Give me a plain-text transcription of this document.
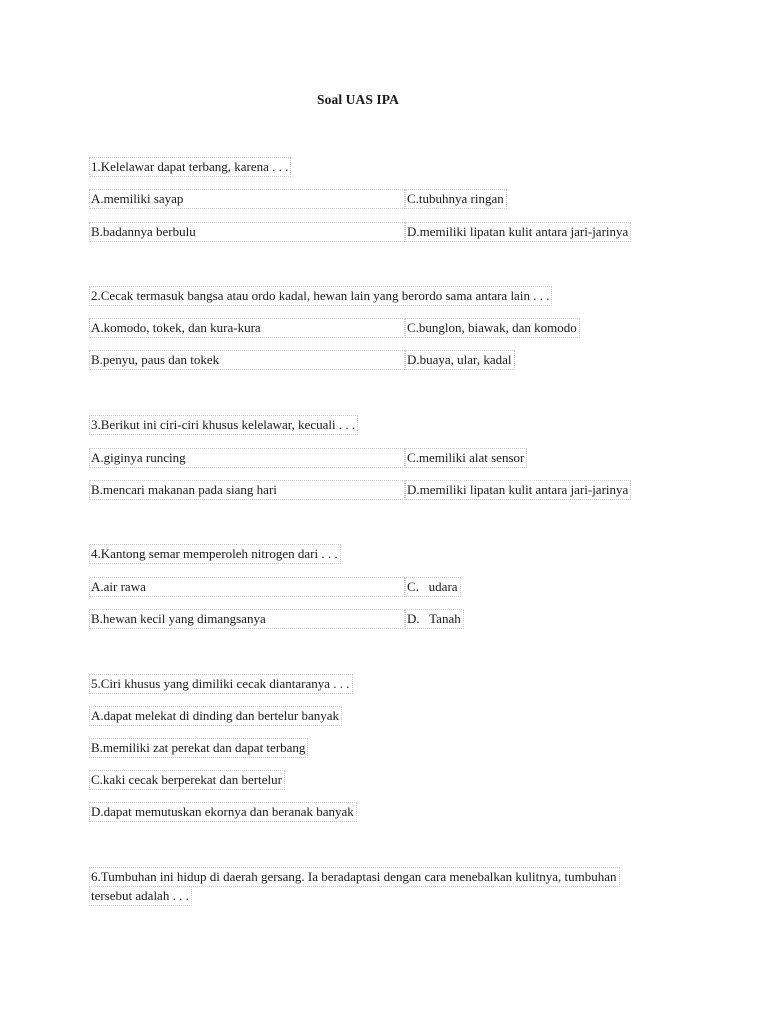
Soal UAS IPA
1.Kelelawar dapat terbang, karena . . .
A.memiliki sayap	C.tubuhnya ringan
B.badannya berbulu	D.memiliki lipatan kulit antara jari-jarinya
2.Cecak termasuk bangsa atau ordo kadal, hewan lain yang berordo sama antara lain . . .
A.komodo, tokek, dan kura-kura	C.bunglon, biawak, dan komodo
B.penyu, paus dan tokek	D.buaya, ular, kadal
3.Berikut ini ciri-ciri khusus kelelawar, kecuali . . .
A.giginya runcing	C.memiliki alat sensor
B.mencari makanan pada siang hari	D.memiliki lipatan kulit antara jari-jarinya
4.Kantong semar memperoleh nitrogen dari . . .
A.air rawa	C.   udara
B.hewan kecil yang dimangsanya	D.   Tanah
5.Ciri khusus yang dimiliki cecak diantaranya . . .
A.dapat melekat di dinding dan bertelur banyak
B.memiliki zat perekat dan dapat terbang
C.kaki cecak berperekat dan bertelur
D.dapat memutuskan ekornya dan beranak banyak
6.Tumbuhan ini hidup di daerah gersang. Ia beradaptasi dengan cara menebalkan kulitnya, tumbuhan
tersebut adalah . . .
